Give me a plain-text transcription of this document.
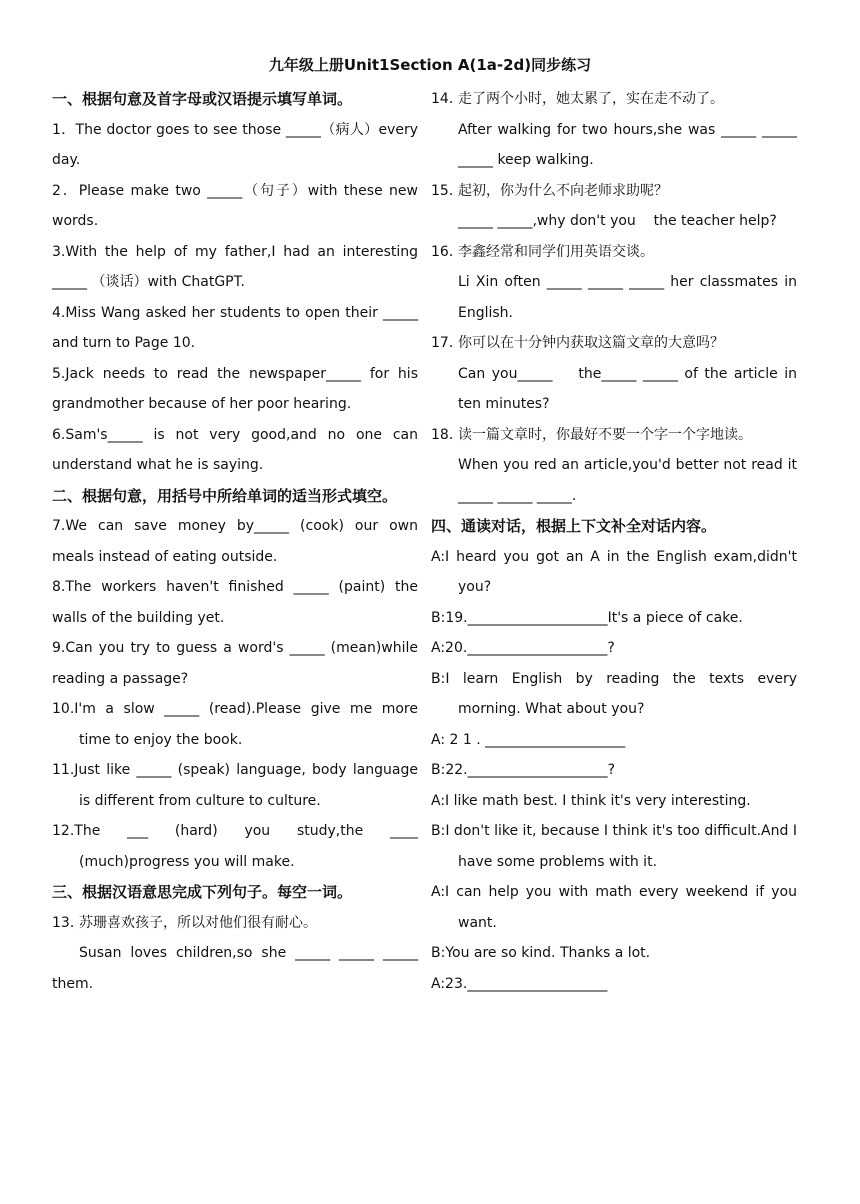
九年级上册Unit1Section A(1a-2d)同步练习
一、根据句意及首字母或汉语提示填写单词。
1．The doctor goes to see those _____（病人）every day.
2．Please make two _____（句子）with these new words.
3.With the help of my father,I had an interesting _____ （谈话）with ChatGPT.
4.Miss Wang asked her students to open their _____ and turn to Page 10.
5.Jack needs to read the newspaper_____ for his grandmother because of her poor hearing.
6.Sam's_____ is not very good,and no one can understand what he is saying.
二、根据句意，用括号中所给单词的适当形式填空。
7.We can save money by_____ (cook) our own meals instead of eating outside.
8.The workers haven't finished _____ (paint) the walls of the building yet.
9.Can you try to guess a word's _____ (mean)while reading a passage?
10.I'm a slow _____ (read).Please give me more time to enjoy the book.
11.Just like _____ (speak) language, body language is different from culture to culture.
12.The ___ (hard) you study,the ____ (much)progress you will make.
三、根据汉语意思完成下列句子。每空一词。
13．苏珊喜欢孩子，所以对他们很有耐心。
Susan loves children,so she _____ _____ _____ them.
14．走了两个小时，她太累了，实在走不动了。
After walking for two hours,she was _____ _____ _____ keep walking.
15．起初，你为什么不向老师求助呢？
_____ _____,why don't you    the teacher help?
16．李鑫经常和同学们用英语交谈。
Li Xin often _____ _____ _____ her classmates in English.
17．你可以在十分钟内获取这篇文章的大意吗？
Can you_____    the_____ _____ of the article in ten minutes?
18．读一篇文章时，你最好不要一个字一个字地读。
When you red an article,you'd better not read it _____ _____ _____.
四、通读对话，根据上下文补全对话内容。
A:I heard you got an A in the English exam,didn't you?
B:19.____________________It's a piece of cake.
A:20.____________________?
B:I learn English by reading the texts every morning. What about you?
A: 2 1 . ____________________
B:22.____________________?
A:I like math best. I think it's very interesting.
B:I don't like it, because I think it's too difficult.And I have some problems with it.
A:I can help you with math every weekend if you want.
B:You are so kind. Thanks a lot.
A:23.____________________
